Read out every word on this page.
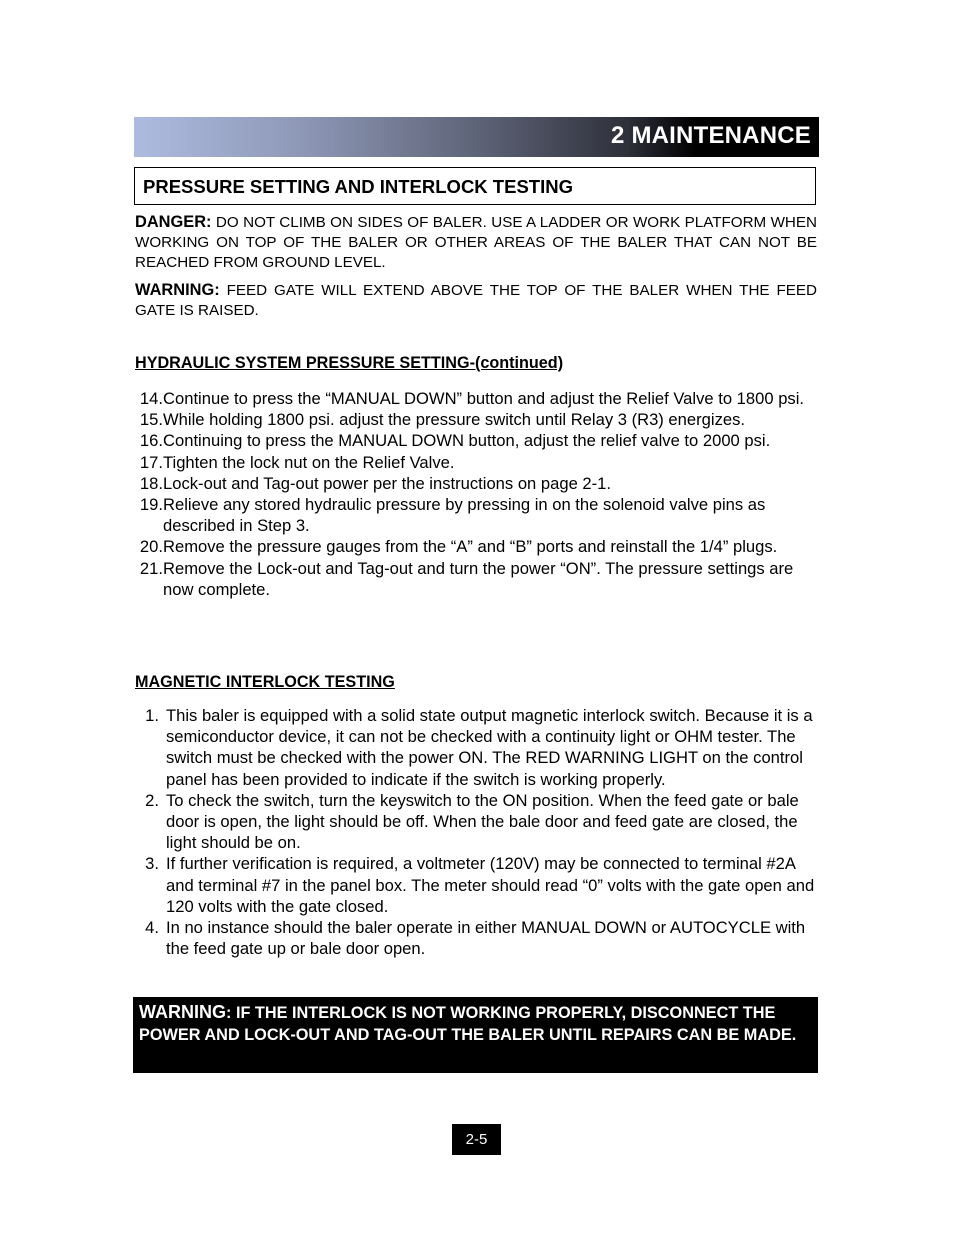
2 MAINTENANCE
PRESSURE SETTING AND INTERLOCK TESTING
DANGER: DO NOT CLIMB ON SIDES OF BALER. USE A LADDER OR WORK PLATFORM WHEN WORKING ON TOP OF THE BALER OR OTHER AREAS OF THE BALER THAT CAN NOT BE REACHED FROM GROUND LEVEL.
WARNING: FEED GATE WILL EXTEND ABOVE THE TOP OF THE BALER WHEN THE FEED GATE IS RAISED.
HYDRAULIC SYSTEM PRESSURE SETTING-(continued)
14. Continue to press the “MANUAL DOWN” button and adjust the Relief Valve to 1800 psi.
15. While holding 1800 psi. adjust the pressure switch until Relay 3 (R3) energizes.
16. Continuing to press the MANUAL DOWN button, adjust the relief valve to 2000 psi.
17. Tighten the lock nut on the Relief Valve.
18. Lock-out and Tag-out power per the instructions on page 2-1.
19. Relieve any stored hydraulic pressure by pressing in on the solenoid valve pins as described in Step 3.
20. Remove the pressure gauges from the “A” and “B” ports and reinstall the 1/4” plugs.
21. Remove the Lock-out and Tag-out and turn the power “ON”. The pressure settings are now complete.
MAGNETIC INTERLOCK TESTING
1. This baler is equipped with a solid state output magnetic interlock switch. Because it is a semiconductor device, it can not be checked with a continuity light or OHM tester. The switch must be checked with the power ON. The RED WARNING LIGHT on the control panel has been provided to indicate if the switch is working properly.
2. To check the switch, turn the keyswitch to the ON position. When the feed gate or bale door is open, the light should be off. When the bale door and feed gate are closed, the light should be on.
3. If further verification is required, a voltmeter (120V) may be connected to terminal #2A and terminal #7 in the panel box. The meter should read “0” volts with the gate open and 120 volts with the gate closed.
4. In no instance should the baler operate in either MANUAL DOWN or AUTOCYCLE with the feed gate up or bale door open.
WARNING: IF THE INTERLOCK IS NOT WORKING PROPERLY, DISCONNECT THE POWER AND LOCK-OUT AND TAG-OUT THE BALER UNTIL REPAIRS CAN BE MADE.
2-5
